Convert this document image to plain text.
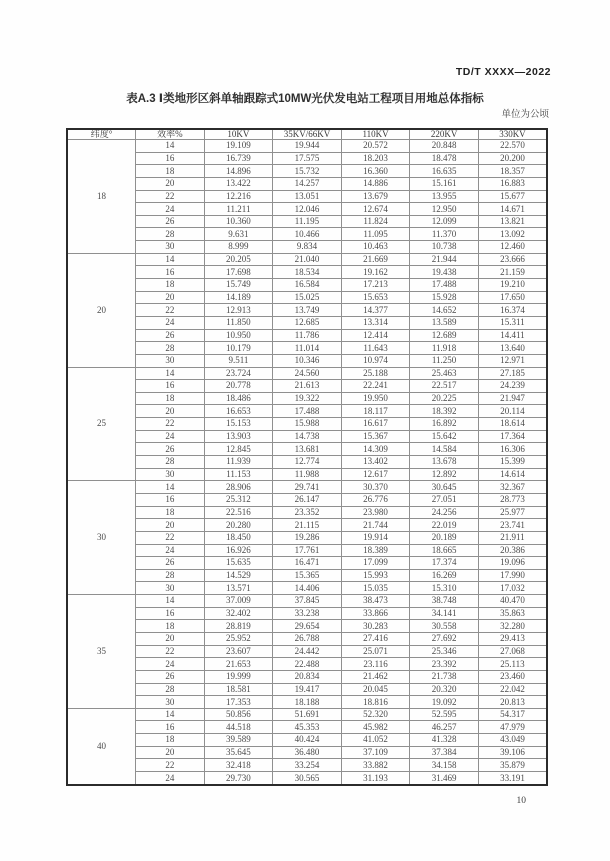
TD/T XXXX—2022
表A.3 Ⅰ类地形区斜单轴跟踪式10MW光伏发电站工程项目用地总体指标
单位为公顷
纬度°	效率%	10KV	35KV/66KV	110KV	220KV	330KV
18	14	19.109	19.944	20.572	20.848	22.570
	16	16.739	17.575	18.203	18.478	20.200
	18	14.896	15.732	16.360	16.635	18.357
	20	13.422	14.257	14.886	15.161	16.883
	22	12.216	13.051	13.679	13.955	15.677
	24	11.211	12.046	12.674	12.950	14.671
	26	10.360	11.195	11.824	12.099	13.821
	28	9.631	10.466	11.095	11.370	13.092
	30	8.999	9.834	10.463	10.738	12.460
20	14	20.205	21.040	21.669	21.944	23.666
	16	17.698	18.534	19.162	19.438	21.159
	18	15.749	16.584	17.213	17.488	19.210
	20	14.189	15.025	15.653	15.928	17.650
	22	12.913	13.749	14.377	14.652	16.374
	24	11.850	12.685	13.314	13.589	15.311
	26	10.950	11.786	12.414	12.689	14.411
	28	10.179	11.014	11.643	11.918	13.640
	30	9.511	10.346	10.974	11.250	12.971
25	14	23.724	24.560	25.188	25.463	27.185
	16	20.778	21.613	22.241	22.517	24.239
	18	18.486	19.322	19.950	20.225	21.947
	20	16.653	17.488	18.117	18.392	20.114
	22	15.153	15.988	16.617	16.892	18.614
	24	13.903	14.738	15.367	15.642	17.364
	26	12.845	13.681	14.309	14.584	16.306
	28	11.939	12.774	13.402	13.678	15.399
	30	11.153	11.988	12.617	12.892	14.614
30	14	28.906	29.741	30.370	30.645	32.367
	16	25.312	26.147	26.776	27.051	28.773
	18	22.516	23.352	23.980	24.256	25.977
	20	20.280	21.115	21.744	22.019	23.741
	22	18.450	19.286	19.914	20.189	21.911
	24	16.926	17.761	18.389	18.665	20.386
	26	15.635	16.471	17.099	17.374	19.096
	28	14.529	15.365	15.993	16.269	17.990
	30	13.571	14.406	15.035	15.310	17.032
35	14	37.009	37.845	38.473	38.748	40.470
	16	32.402	33.238	33.866	34.141	35.863
	18	28.819	29.654	30.283	30.558	32.280
	20	25.952	26.788	27.416	27.692	29.413
	22	23.607	24.442	25.071	25.346	27.068
	24	21.653	22.488	23.116	23.392	25.113
	26	19.999	20.834	21.462	21.738	23.460
	28	18.581	19.417	20.045	20.320	22.042
	30	17.353	18.188	18.816	19.092	20.813
40	14	50.856	51.691	52.320	52.595	54.317
	16	44.518	45.353	45.982	46.257	47.979
	18	39.589	40.424	41.052	41.328	43.049
	20	35.645	36.480	37.109	37.384	39.106
	22	32.418	33.254	33.882	34.158	35.879
	24	29.730	30.565	31.193	31.469	33.191
10
